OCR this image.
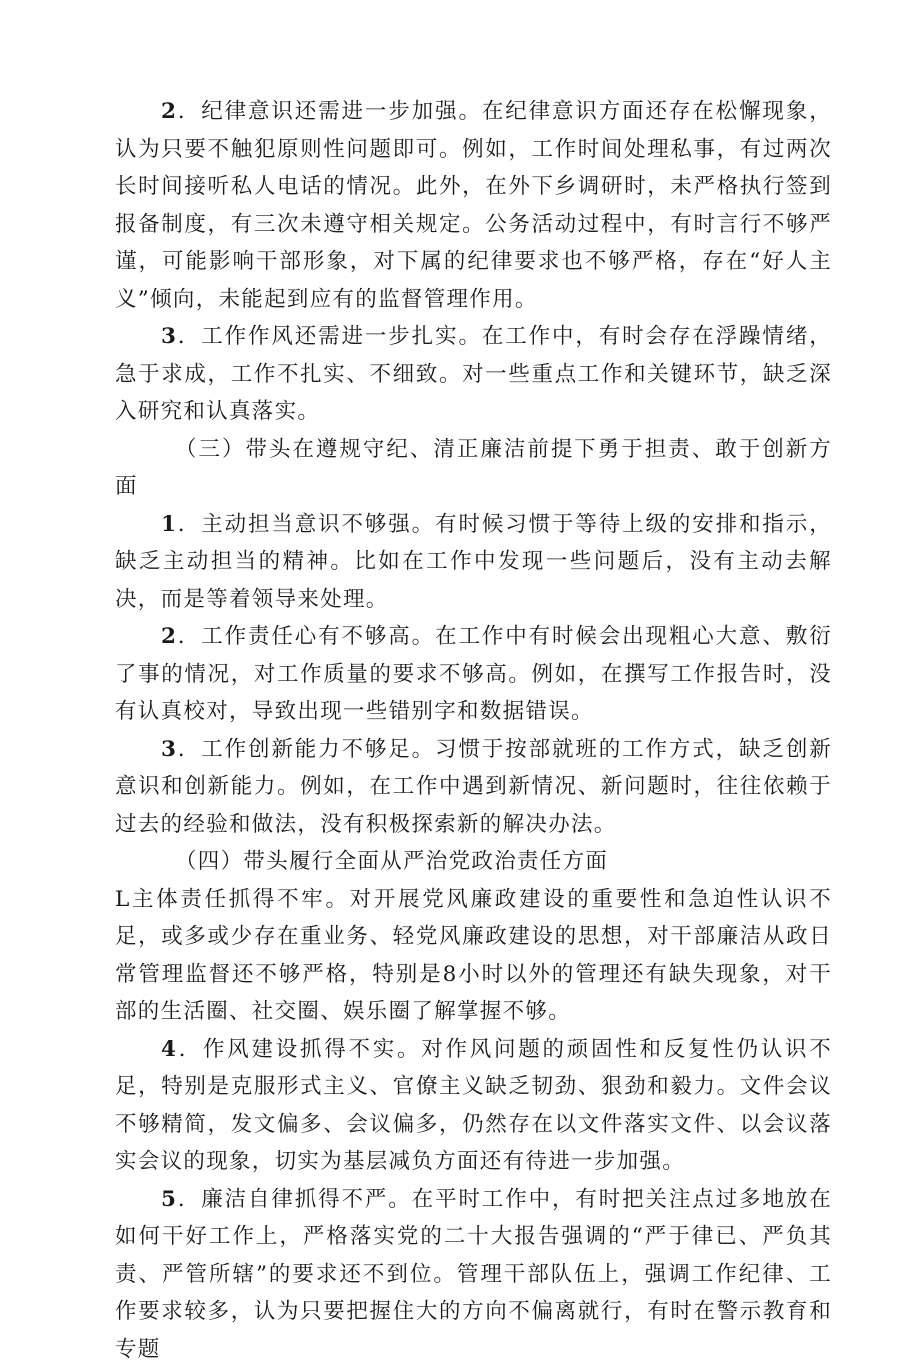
2．纪律意识还需进一步加强。在纪律意识方面还存在松懈现象，认为只要不触犯原则性问题即可。例如，工作时间处理私事，有过两次长时间接听私人电话的情况。此外，在外下乡调研时，未严格执行签到报备制度，有三次未遵守相关规定。公务活动过程中，有时言行不够严谨，可能影响干部形象，对下属的纪律要求也不够严格，存在“好人主义”倾向，未能起到应有的监督管理作用。

3．工作作风还需进一步扎实。在工作中，有时会存在浮躁情绪，急于求成，工作不扎实、不细致。对一些重点工作和关键环节，缺乏深入研究和认真落实。

（三）带头在遵规守纪、清正廉洁前提下勇于担责、敢于创新方面

1．主动担当意识不够强。有时候习惯于等待上级的安排和指示，缺乏主动担当的精神。比如在工作中发现一些问题后，没有主动去解决，而是等着领导来处理。

2．工作责任心有不够高。在工作中有时候会出现粗心大意、敷衍了事的情况，对工作质量的要求不够高。例如，在撰写工作报告时，没有认真校对，导致出现一些错别字和数据错误。

3．工作创新能力不够足。习惯于按部就班的工作方式，缺乏创新意识和创新能力。例如，在工作中遇到新情况、新问题时，往往依赖于过去的经验和做法，没有积极探索新的解决办法。

（四）带头履行全面从严治党政治责任方面

L主体责任抓得不牢。对开展党风廉政建设的重要性和急迫性认识不足，或多或少存在重业务、轻党风廉政建设的思想，对干部廉洁从政日常管理监督还不够严格，特别是8小时以外的管理还有缺失现象，对干部的生活圈、社交圈、娱乐圈了解掌握不够。

4．作风建设抓得不实。对作风问题的顽固性和反复性仍认识不足，特别是克服形式主义、官僚主义缺乏韧劲、狠劲和毅力。文件会议不够精简，发文偏多、会议偏多，仍然存在以文件落实文件、以会议落实会议的现象，切实为基层减负方面还有待进一步加强。

5．廉洁自律抓得不严。在平时工作中，有时把关注点过多地放在如何干好工作上，严格落实党的二十大报告强调的“严于律已、严负其责、严管所辖”的要求还不到位。管理干部队伍上，强调工作纪律、工作要求较多，认为只要把握住大的方向不偏离就行，有时在警示教育和专题
